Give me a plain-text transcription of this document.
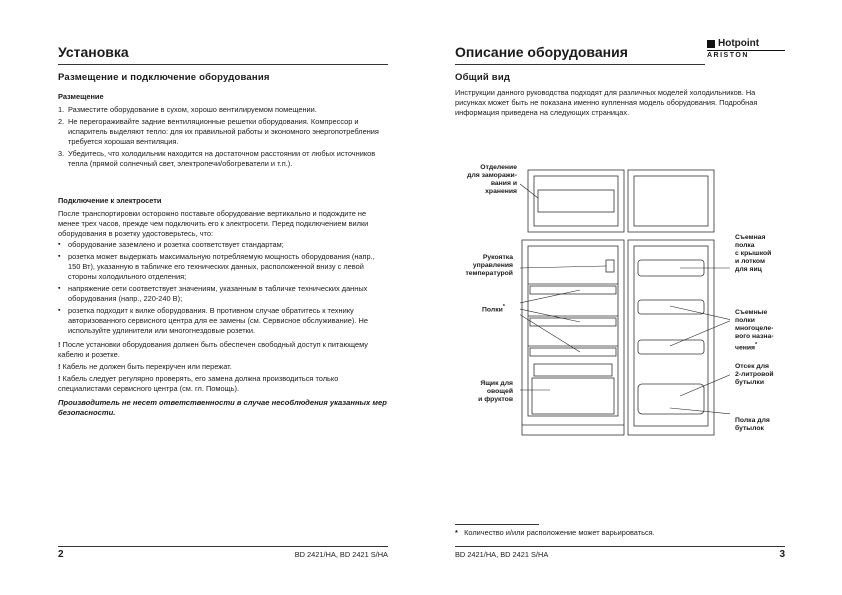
Установка
Размещение и подключение оборудования
Размещение
1. Разместите оборудование в сухом, хорошо вентилируемом помещении.
2. Не перегораживайте задние вентиляционные решетки оборудования. Компрессор и испаритель выделяют тепло: для их правильной работы и экономного энергопотребления требуется хорошая вентиляция.
3. Убедитесь, что холодильник находится на достаточном расстоянии от любых источников тепла (прямой солнечный свет, электропечи/обогреватели и т.п.).
Подключение к электросети
После транспортировки осторожно поставьте оборудование вертикально и подождите не менее трех часов, прежде чем подключить его к электросети. Перед подключением вилки оборудования в розетку удостоверьтесь, что:
▪ оборудование заземлено и розетка соответствует стандартам;
▪ розетка может выдержать максимальную потребляемую мощность оборудования (напр., 150 Вт), указанную в табличке его технических данных, расположенной внизу с левой стороны холодильного отделения;
▪ напряжение сети соответствует значениям, указанным в табличке технических данных оборудования (напр., 220-240 В);
▪ розетка подходит к вилке оборудования. В противном случае обратитесь к технику авторизованного сервисного центра для ее замены (см. Сервисное обслуживание). Не используйте удлинители или многогнездовые розетки.
! После установки оборудования должен быть обеспечен свободный доступ к питающему кабелю и розетке.
! Кабель не должен быть перекручен или пережат.
! Кабель следует регулярно проверять, его замена должна производиться только специалистами сервисного центра (см. гл. Помощь).
Производитель не несет ответственности в случае несоблюдения указанных мер безопасности.
2	BD 2421/HA, BD 2421 S/HA
Описание оборудования
Hotpoint
ARISTON
Общий вид
Инструкции данного руководства подходят для различных моделей холодильников. На рисунках может быть не показана именно купленная модель оборудования. Подробная информация приведена на следующих страницах.
Отделение
для заморажи-
вания и
хранения
Рукоятка
управления
температурой
Полки*
Ящик для
овощей
и фруктов
Съемная
полка
с крышкой
и лотком
для яиц
Съемные
полки
многоцеле-
вого назна-
чения*
Отсек для
2-литровой
бутылки
Полка для
бутылок
* Количество и/или расположение может варьироваться.
BD 2421/HA, BD 2421 S/HA	3
